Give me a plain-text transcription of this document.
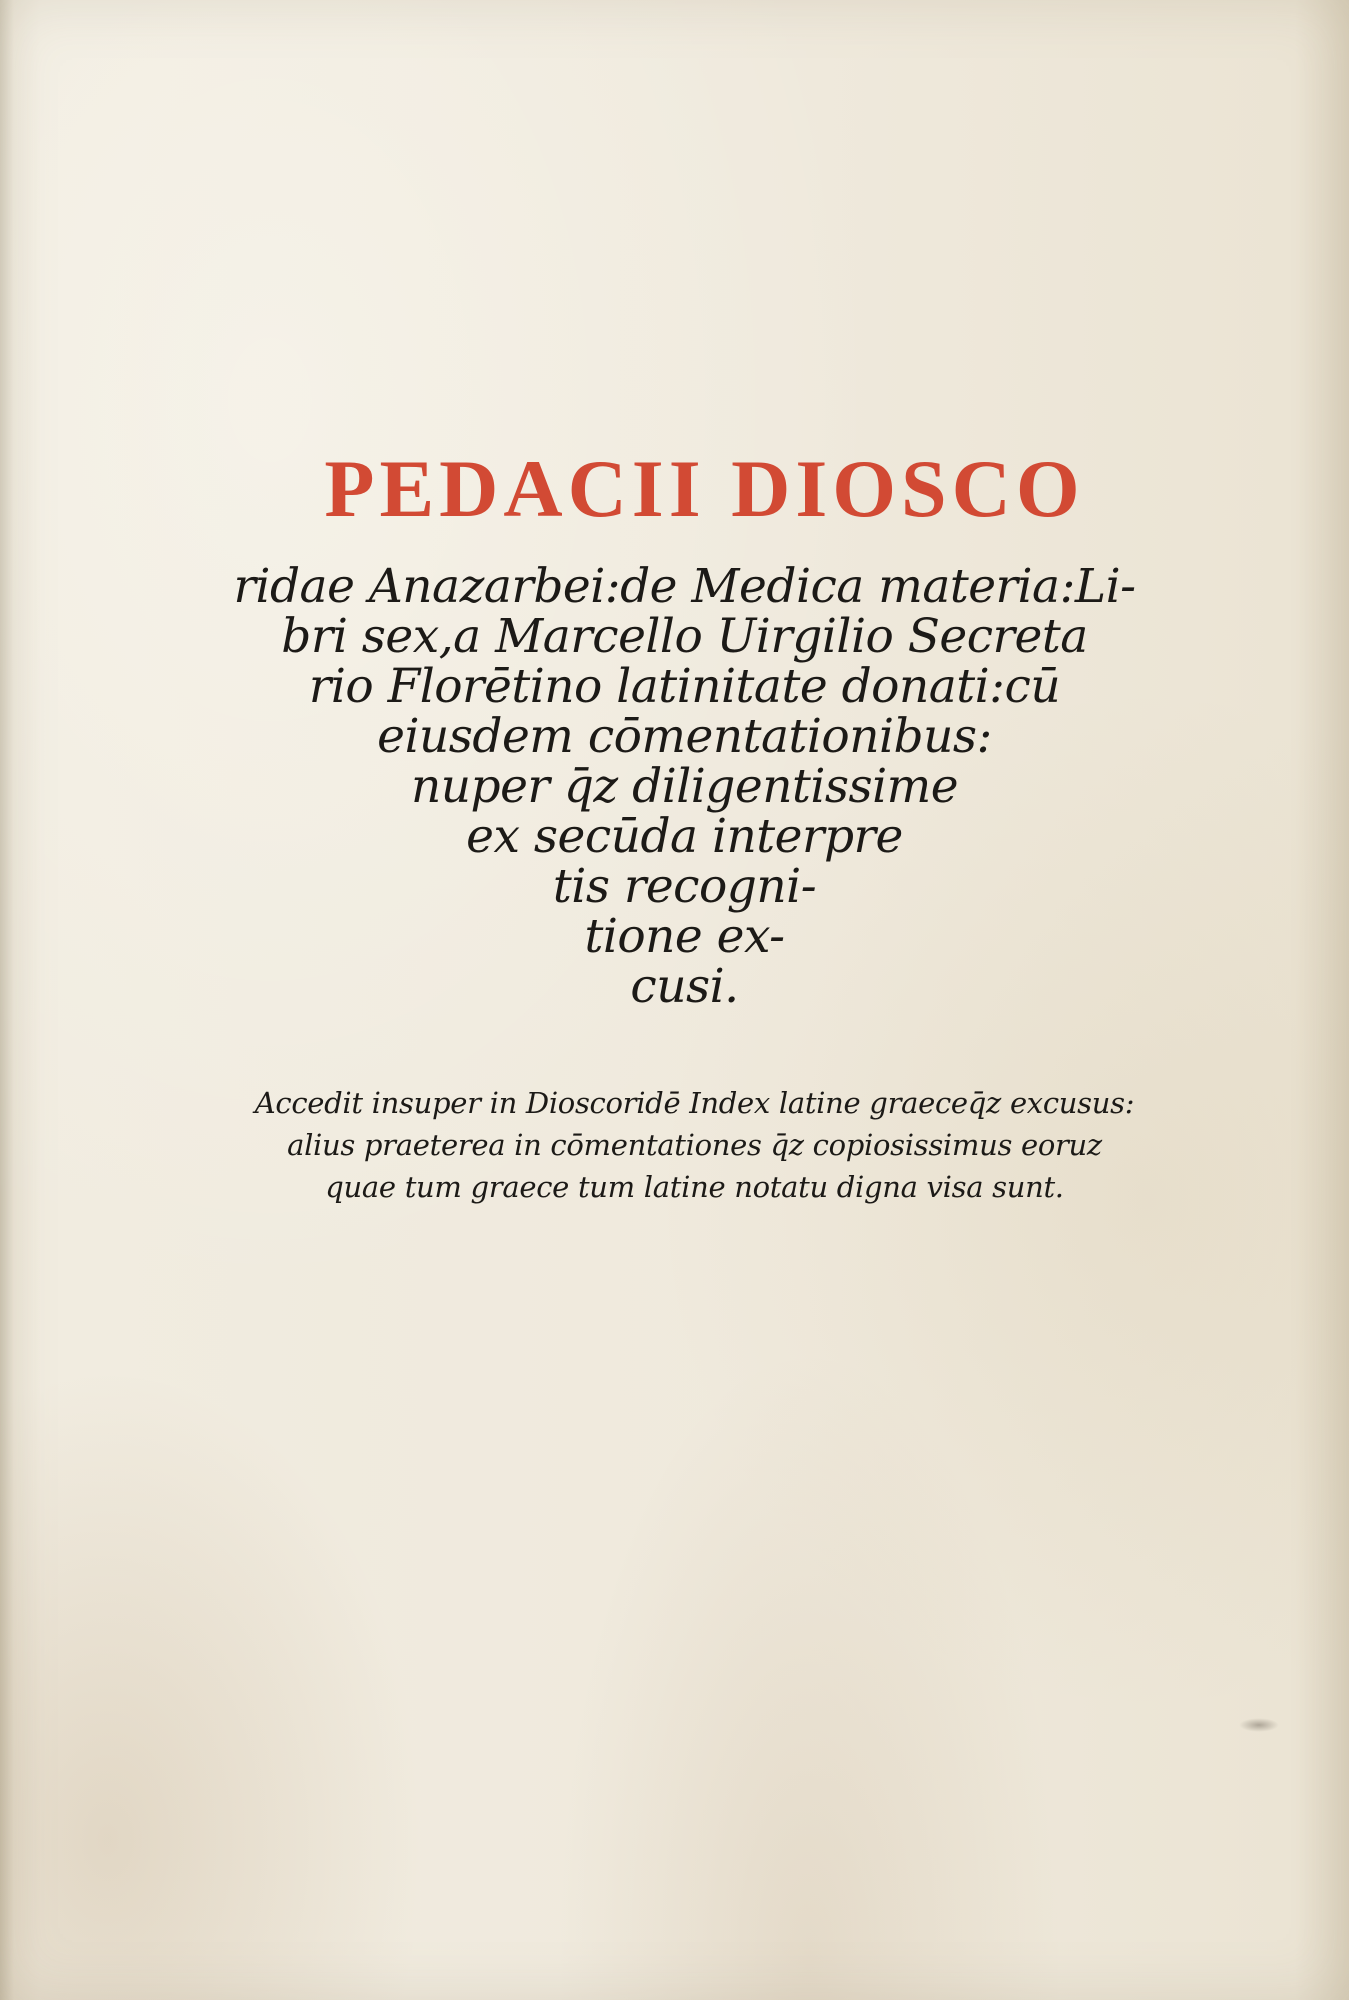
PEDACII DIOSCO
ridae Anazarbei:de Medica materia:Li-
bri sex,a Marcello Uirgilio Secreta
rio Florētino latinitate donati:cū
eiusdem cōmentationibus:
nuper q̄z diligentissime
ex secūda interpre
tis recogni-
tione ex-
cusi.
Accedit insuper in Dioscoridē Index latine graeceq̄z excusus:
alius praeterea in cōmentationes q̄z copiosissimus eoruz
quae tum graece tum latine notatu digna visa sunt.
